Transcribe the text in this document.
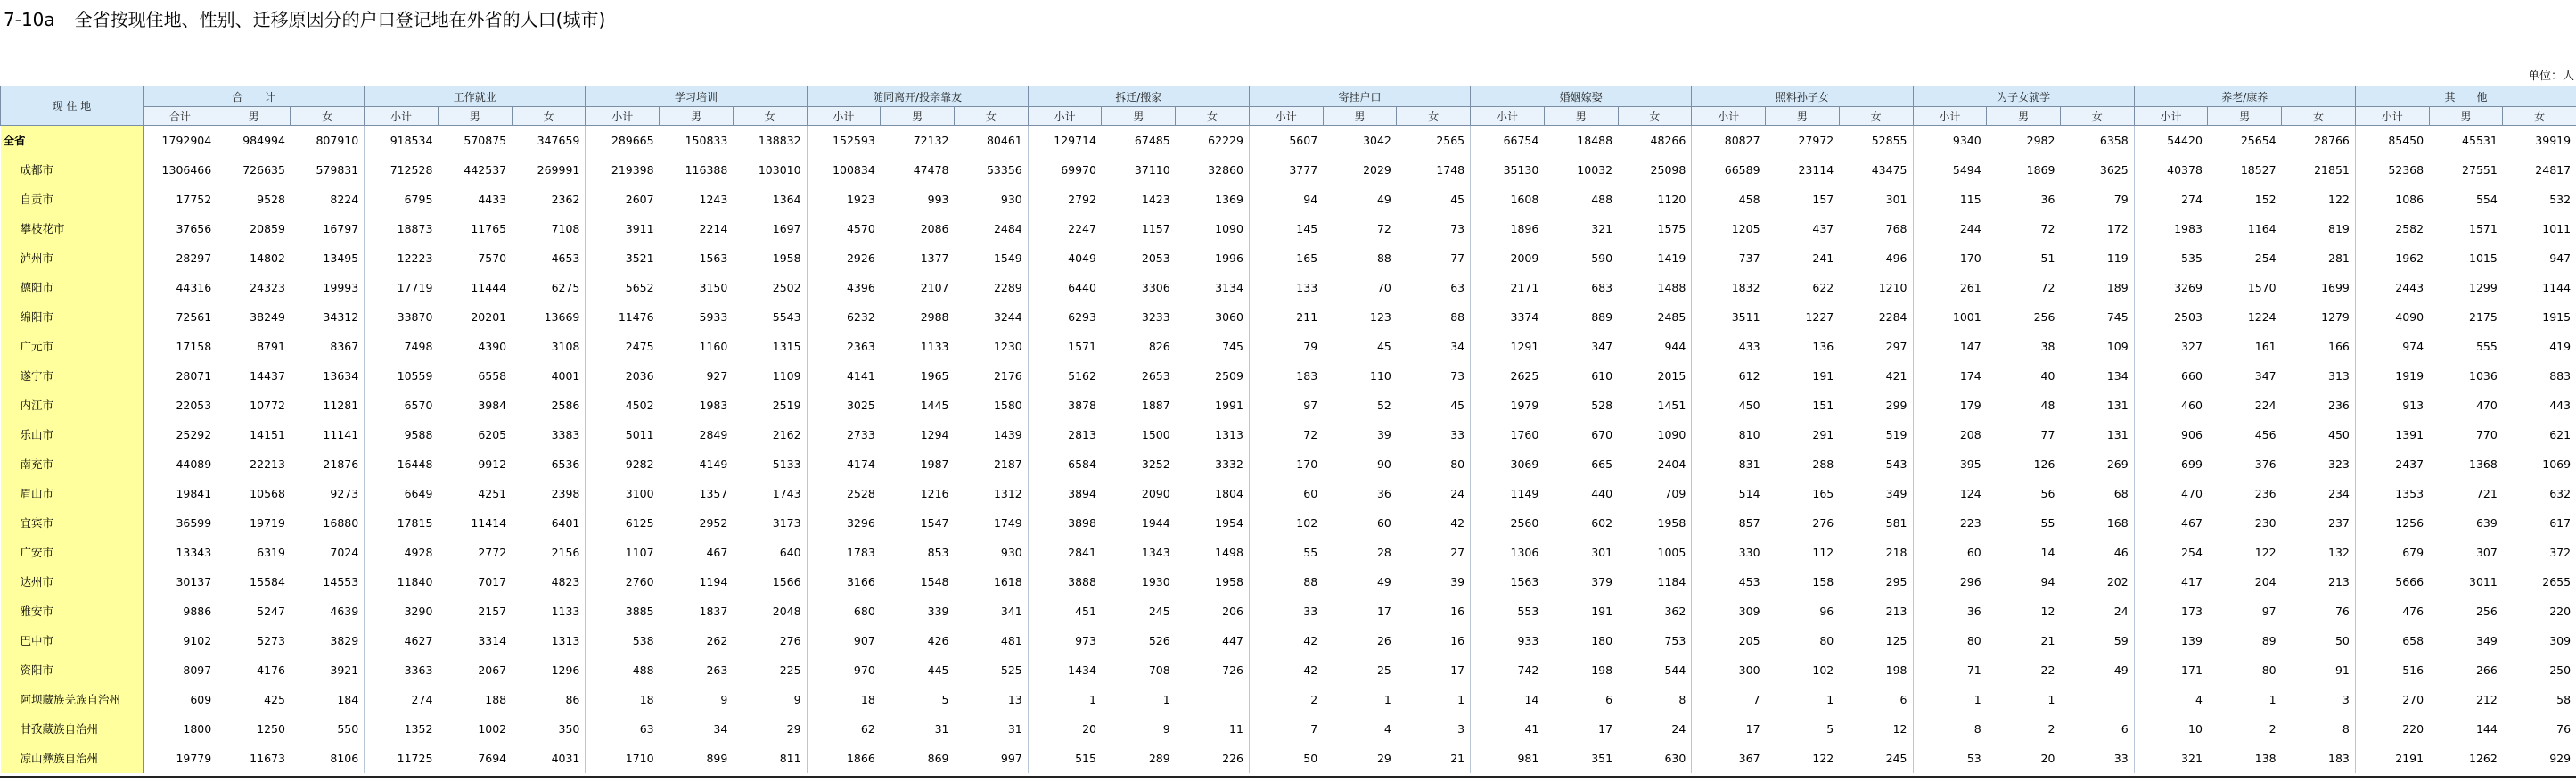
7-10a 全省按现住地、性别、迁移原因分的户口登记地在外省的人口(城市)
单位：人
现 住 地	合　　计			工作就业			学习培训			随同离开/投亲靠友			拆迁/搬家			寄挂户口			婚姻嫁娶			照料孙子女			为子女就学			养老/康养			其　　他		
	合计	男	女	小计	男	女	小计	男	女	小计	男	女	小计	男	女	小计	男	女	小计	男	女	小计	男	女	小计	男	女	小计	男	女	小计	男	女
全省	1792904	984994	807910	918534	570875	347659	289665	150833	138832	152593	72132	80461	129714	67485	62229	5607	3042	2565	66754	18488	48266	80827	27972	52855	9340	2982	6358	54420	25654	28766	85450	45531	39919
成都市	1306466	726635	579831	712528	442537	269991	219398	116388	103010	100834	47478	53356	69970	37110	32860	3777	2029	1748	35130	10032	25098	66589	23114	43475	5494	1869	3625	40378	18527	21851	52368	27551	24817
自贡市	17752	9528	8224	6795	4433	2362	2607	1243	1364	1923	993	930	2792	1423	1369	94	49	45	1608	488	1120	458	157	301	115	36	79	274	152	122	1086	554	532
攀枝花市	37656	20859	16797	18873	11765	7108	3911	2214	1697	4570	2086	2484	2247	1157	1090	145	72	73	1896	321	1575	1205	437	768	244	72	172	1983	1164	819	2582	1571	1011
泸州市	28297	14802	13495	12223	7570	4653	3521	1563	1958	2926	1377	1549	4049	2053	1996	165	88	77	2009	590	1419	737	241	496	170	51	119	535	254	281	1962	1015	947
德阳市	44316	24323	19993	17719	11444	6275	5652	3150	2502	4396	2107	2289	6440	3306	3134	133	70	63	2171	683	1488	1832	622	1210	261	72	189	3269	1570	1699	2443	1299	1144
绵阳市	72561	38249	34312	33870	20201	13669	11476	5933	5543	6232	2988	3244	6293	3233	3060	211	123	88	3374	889	2485	3511	1227	2284	1001	256	745	2503	1224	1279	4090	2175	1915
广元市	17158	8791	8367	7498	4390	3108	2475	1160	1315	2363	1133	1230	1571	826	745	79	45	34	1291	347	944	433	136	297	147	38	109	327	161	166	974	555	419
遂宁市	28071	14437	13634	10559	6558	4001	2036	927	1109	4141	1965	2176	5162	2653	2509	183	110	73	2625	610	2015	612	191	421	174	40	134	660	347	313	1919	1036	883
内江市	22053	10772	11281	6570	3984	2586	4502	1983	2519	3025	1445	1580	3878	1887	1991	97	52	45	1979	528	1451	450	151	299	179	48	131	460	224	236	913	470	443
乐山市	25292	14151	11141	9588	6205	3383	5011	2849	2162	2733	1294	1439	2813	1500	1313	72	39	33	1760	670	1090	810	291	519	208	77	131	906	456	450	1391	770	621
南充市	44089	22213	21876	16448	9912	6536	9282	4149	5133	4174	1987	2187	6584	3252	3332	170	90	80	3069	665	2404	831	288	543	395	126	269	699	376	323	2437	1368	1069
眉山市	19841	10568	9273	6649	4251	2398	3100	1357	1743	2528	1216	1312	3894	2090	1804	60	36	24	1149	440	709	514	165	349	124	56	68	470	236	234	1353	721	632
宜宾市	36599	19719	16880	17815	11414	6401	6125	2952	3173	3296	1547	1749	3898	1944	1954	102	60	42	2560	602	1958	857	276	581	223	55	168	467	230	237	1256	639	617
广安市	13343	6319	7024	4928	2772	2156	1107	467	640	1783	853	930	2841	1343	1498	55	28	27	1306	301	1005	330	112	218	60	14	46	254	122	132	679	307	372
达州市	30137	15584	14553	11840	7017	4823	2760	1194	1566	3166	1548	1618	3888	1930	1958	88	49	39	1563	379	1184	453	158	295	296	94	202	417	204	213	5666	3011	2655
雅安市	9886	5247	4639	3290	2157	1133	3885	1837	2048	680	339	341	451	245	206	33	17	16	553	191	362	309	96	213	36	12	24	173	97	76	476	256	220
巴中市	9102	5273	3829	4627	3314	1313	538	262	276	907	426	481	973	526	447	42	26	16	933	180	753	205	80	125	80	21	59	139	89	50	658	349	309
资阳市	8097	4176	3921	3363	2067	1296	488	263	225	970	445	525	1434	708	726	42	25	17	742	198	544	300	102	198	71	22	49	171	80	91	516	266	250
阿坝藏族羌族自治州	609	425	184	274	188	86	18	9	9	18	5	13	1	1		2	1	1	14	6	8	7	1	6	1	1		4	1	3	270	212	58
甘孜藏族自治州	1800	1250	550	1352	1002	350	63	34	29	62	31	31	20	9	11	7	4	3	41	17	24	17	5	12	8	2	6	10	2	8	220	144	76
凉山彝族自治州	19779	11673	8106	11725	7694	4031	1710	899	811	1866	869	997	515	289	226	50	29	21	981	351	630	367	122	245	53	20	33	321	138	183	2191	1262	929
